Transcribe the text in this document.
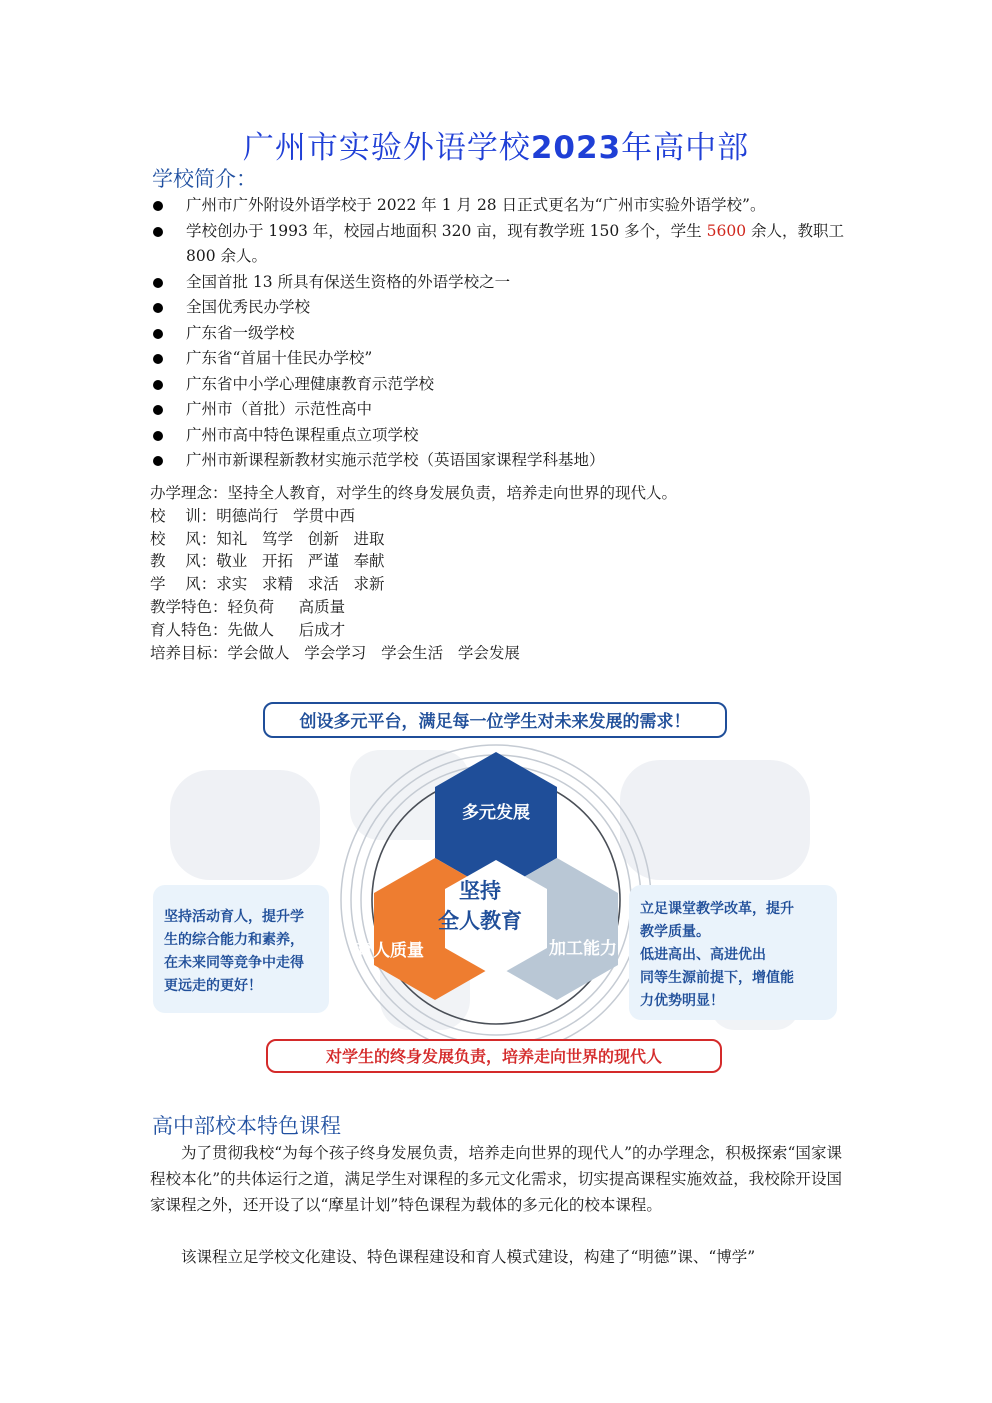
广州市实验外语学校2023年高中部
学校简介：
广州市广外附设外语学校于 2022 年 1 月 28 日正式更名为“广州市实验外语学校”。
学校创办于 1993 年，校园占地面积 320 亩，现有教学班 150 多个，学生 5600 余人，教职工 800 余人。
全国首批 13 所具有保送生资格的外语学校之一
全国优秀民办学校
广东省一级学校
广东省“首届十佳民办学校”
广东省中小学心理健康教育示范学校
广州市（首批）示范性高中
广州市高中特色课程重点立项学校
广州市新课程新教材实施示范学校（英语国家课程学科基地）
办学理念：坚持全人教育，对学生的终身发展负责，培养走向世界的现代人。
校    训：明德尚行   学贯中西
校    风：知礼   笃学   创新   进取
教    风：敬业   开拓   严谨   奉献
学    风：求实   求精   求活   求新
教学特色：轻负荷     高质量
育人特色：先做人     后成才
培养目标：学会做人   学会学习   学会生活   学会发展
创设多元平台，满足每一位学生对未来发展的需求！
多元发展
育人质量	加工能力
坚持
全人教育
坚持活动育人，提升学
生的综合能力和素养，
在未来同等竞争中走得
更远走的更好！
立足课堂教学改革，提升
教学质量。
低进高出、高进优出
同等生源前提下，增值能
力优势明显！
对学生的终身发展负责，培养走向世界的现代人
高中部校本特色课程

为了贯彻我校“为每个孩子终身发展负责，培养走向世界的现代人”的办学理念，积极探索“国家课程校本化”的共体运行之道，满足学生对课程的多元文化需求，切实提高课程实施效益，我校除开设国家课程之外，还开设了以“摩星计划”特色课程为载体的多元化的校本课程。

该课程立足学校文化建设、特色课程建设和育人模式建设，构建了“明德”课、“博学”
